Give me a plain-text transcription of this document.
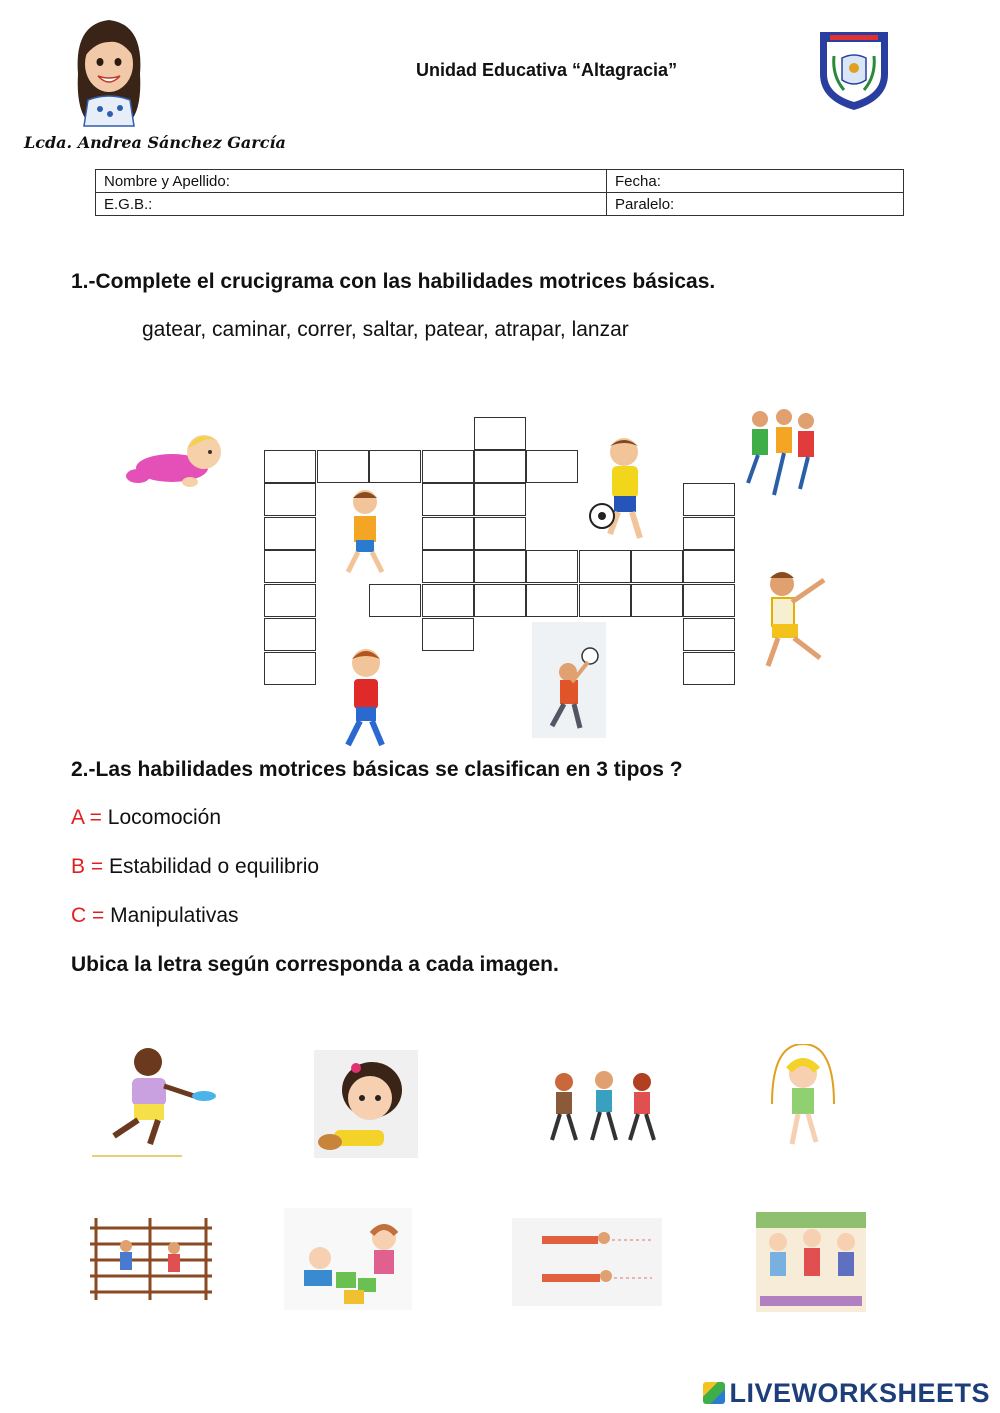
Lcda. Andrea Sánchez García
Unidad Educativa “Altagracia”
Nombre y Apellido:	Fecha:
E.G.B.:	Paralelo:
1.-Complete el crucigrama con las habilidades motrices básicas.
gatear, caminar, correr, saltar, patear, atrapar, lanzar
2.-Las habilidades motrices básicas se clasifican en 3 tipos ?
A = Locomoción
B = Estabilidad o equilibrio
C = Manipulativas
Ubica la letra según corresponda a cada imagen.
LIVEWORKSHEETS
